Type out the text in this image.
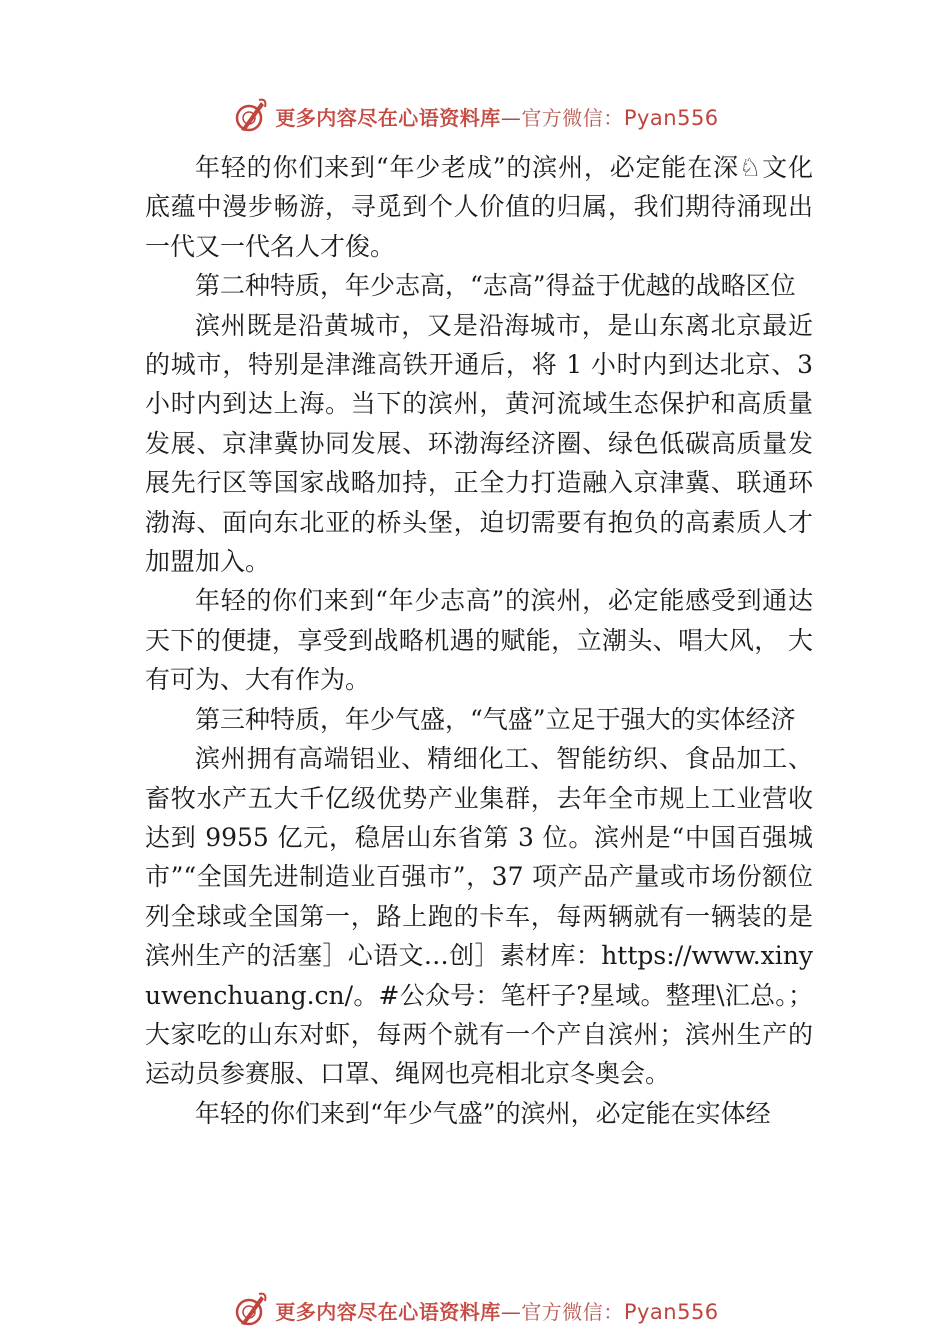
更多内容尽在心语资料库—官方微信：Pyan556

年轻的你们来到“年少老成”的滨州，必定能在深♘文化底蕴中漫步畅游，寻觅到个人价值的归属，我们期待涌现出一代又一代名人才俊。

第二种特质，年少志高，“志高”得益于优越的战略区位

滨州既是沿黄城市，又是沿海城市，是山东离北京最近的城市，特别是津潍高铁开通后，将 1 小时内到达北京、3 小时内到达上海。当下的滨州，黄河流域生态保护和高质量发展、京津冀协同发展、环渤海经济圈、绿色低碳高质量发展先行区等国家战略加持，正全力打造融入京津冀、联通环渤海、面向东北亚的桥头堡，迫切需要有抱负的高素质人才加盟加入。

年轻的你们来到“年少志高”的滨州，必定能感受到通达天下的便捷，享受到战略机遇的赋能，立潮头、唱大风， 大有可为、大有作为。

第三种特质，年少气盛，“气盛”立足于强大的实体经济

滨州拥有高端铝业、精细化工、智能纺织、食品加工、畜牧水产五大千亿级优势产业集群，去年全市规上工业营收达到 9955 亿元，稳居山东省第 3 位。滨州是“中国百强城市”“全国先进制造业百强市”，37 项产品产量或市场份额位列全球或全国第一，路上跑的卡车，每两辆就有一辆装的是滨州生产的活塞］心语文…创］素材库：https://www.xinyuwenchuang.cn/。#公众号：笔杆子?星域。整理\汇总。；大家吃的山东对虾，每两个就有一个产自滨州；滨州生产的运动员参赛服、口罩、绳网也亮相北京冬奥会。

年轻的你们来到“年少气盛”的滨州，必定能在实体经

更多内容尽在心语资料库—官方微信：Pyan556
